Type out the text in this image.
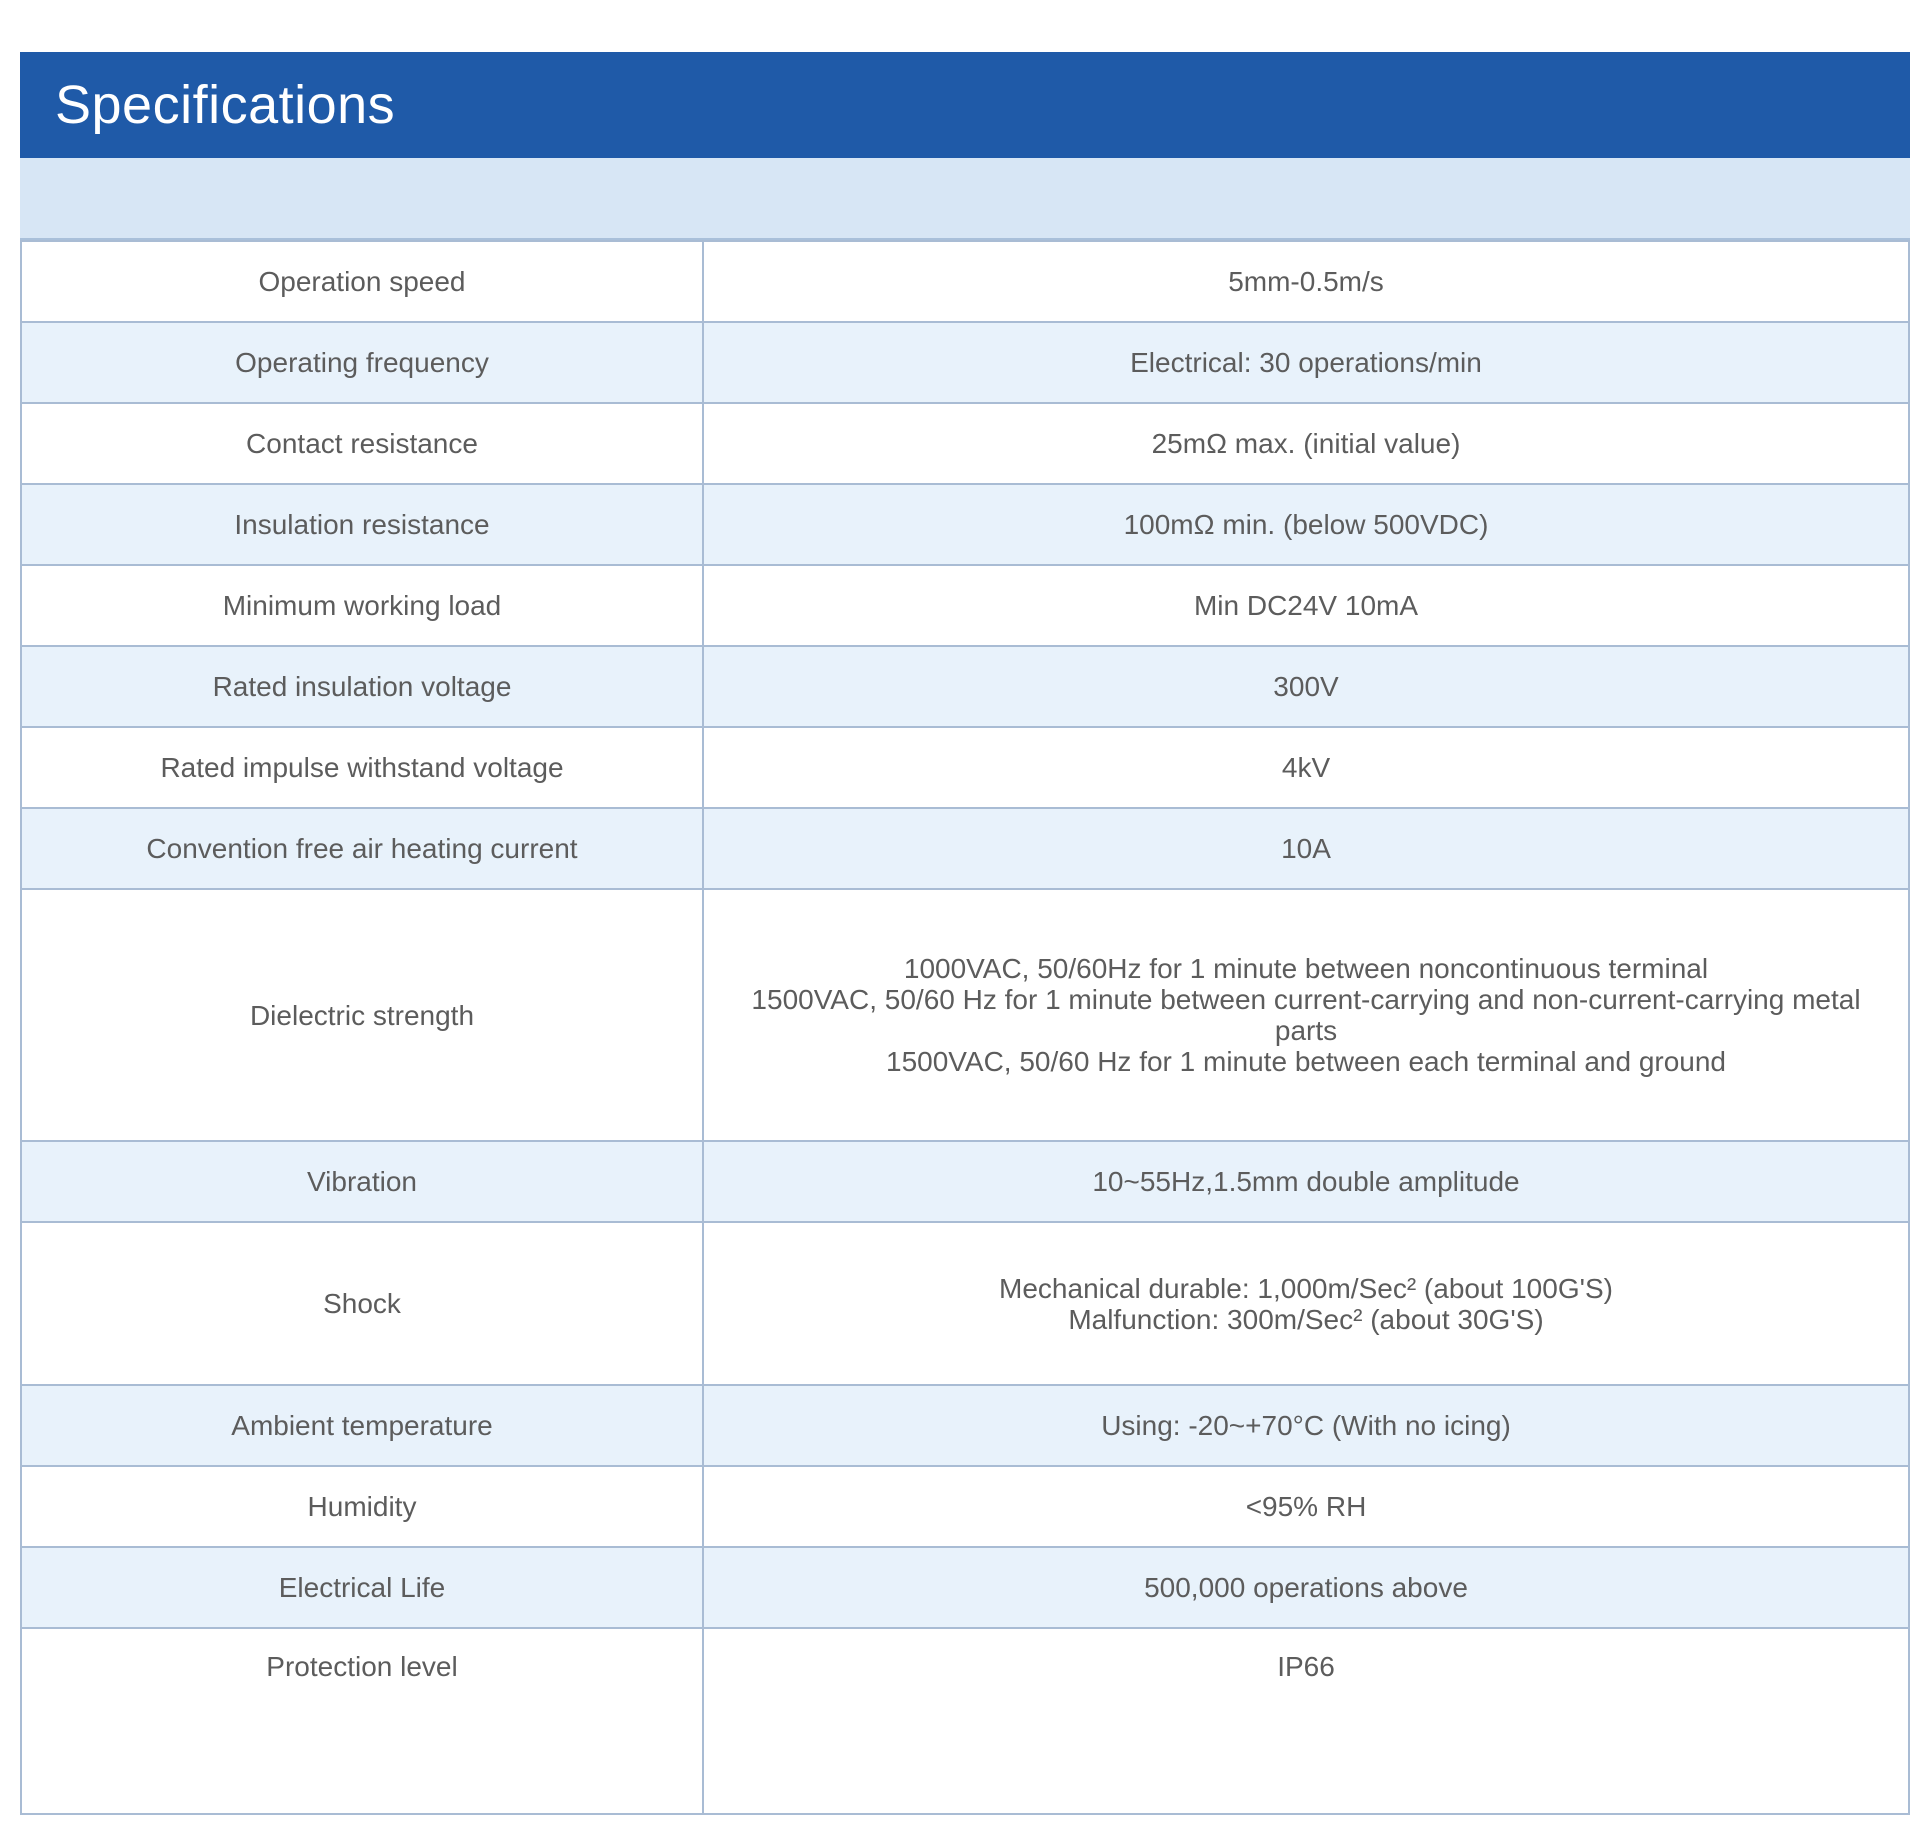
Specifications
Operation speed	5mm-0.5m/s

Operating frequency	Electrical: 30 operations/min

Contact resistance	25mΩ max. (initial value)

Insulation resistance	100mΩ min. (below 500VDC)

Minimum working load	Min DC24V 10mA

Rated insulation voltage	300V

Rated impulse withstand voltage	4kV

Convention free air heating current	10A

Dielectric strength	1000VAC, 50/60Hz for 1 minute between noncontinuous terminal
1500VAC, 50/60 Hz for 1 minute between current-carrying and non-current-carrying metal parts
1500VAC, 50/60 Hz for 1 minute between each terminal and ground

Vibration	10~55Hz,1.5mm double amplitude

Shock	Mechanical durable: 1,000m/Sec² (about 100G'S)
Malfunction: 300m/Sec² (about 30G'S)

Ambient temperature	Using: -20~+70°C (With no icing)

Humidity	<95% RH

Electrical Life	500,000 operations above

Protection level	IP66
